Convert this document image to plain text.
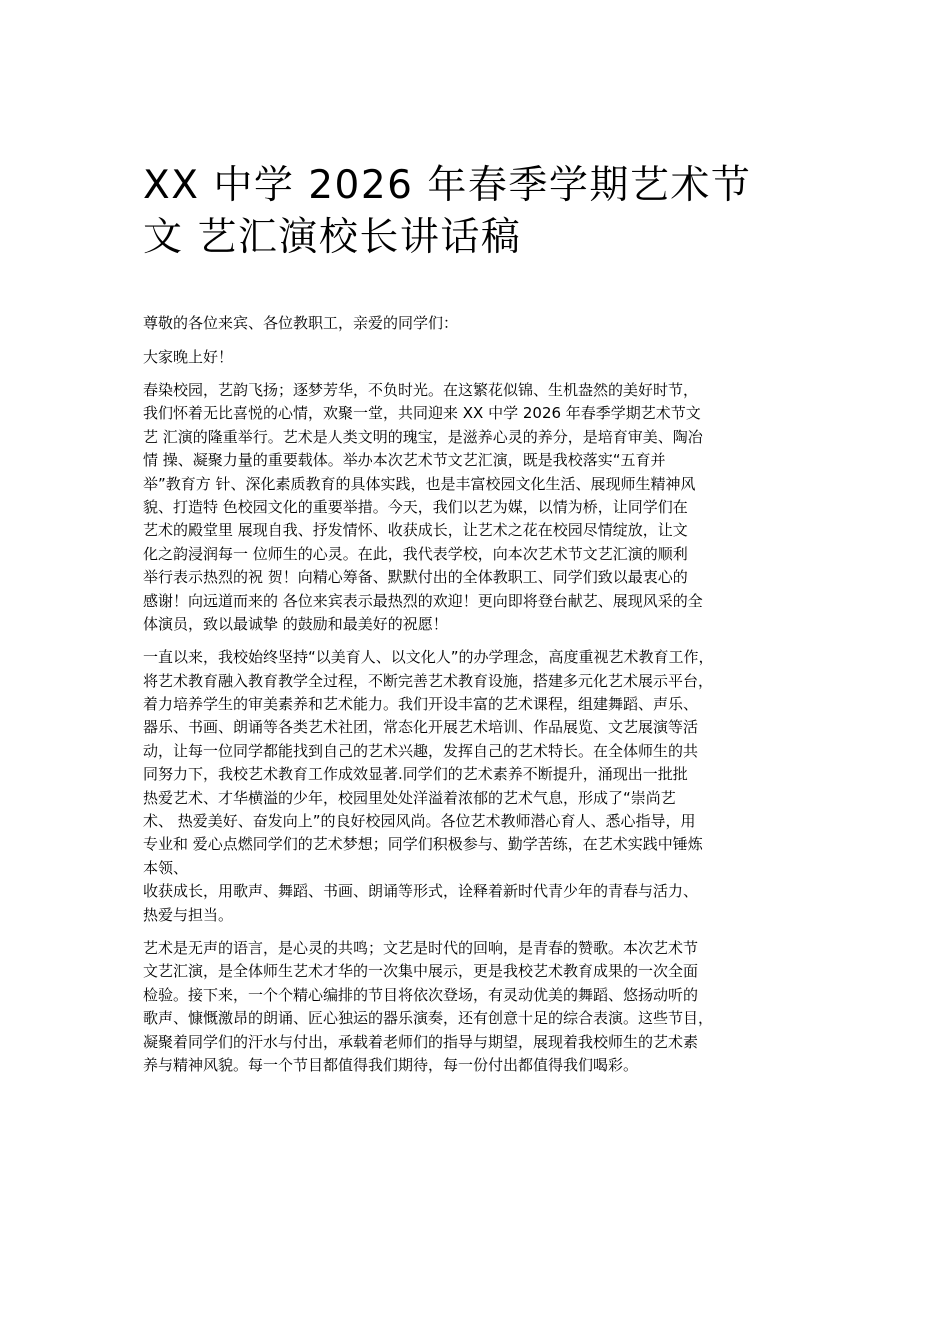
XX 中学 2026 年春季学期艺术节
文 艺汇演校长讲话稿

尊敬的各位来宾、各位教职工，亲爱的同学们：

大家晚上好！

春染校园，艺韵飞扬；逐梦芳华，不负时光。在这繁花似锦、生机盎然的美好时节，
我们怀着无比喜悦的心情，欢聚一堂，共同迎来 XX 中学 2026 年春季学期艺术节文
艺 汇演的隆重举行。艺术是人类文明的瑰宝，是滋养心灵的养分，是培育审美、陶冶
情 操、凝聚力量的重要载体。举办本次艺术节文艺汇演，既是我校落实“五育并
举”教育方 针、深化素质教育的具体实践，也是丰富校园文化生活、展现师生精神风
貌、打造特 色校园文化的重要举措。今天，我们以艺为媒，以情为桥，让同学们在
艺术的殿堂里 展现自我、抒发情怀、收获成长，让艺术之花在校园尽情绽放，让文
化之韵浸润每一 位师生的心灵。在此，我代表学校，向本次艺术节文艺汇演的顺利
举行表示热烈的祝 贺！向精心筹备、默默付出的全体教职工、同学们致以最衷心的
感谢！向远道而来的 各位来宾表示最热烈的欢迎！更向即将登台献艺、展现风采的全
体演员，致以最诚挚 的鼓励和最美好的祝愿！

一直以来，我校始终坚持“以美育人、以文化人”的办学理念，高度重视艺术教育工作，
将艺术教育融入教育教学全过程，不断完善艺术教育设施，搭建多元化艺术展示平台，
着力培养学生的审美素养和艺术能力。我们开设丰富的艺术课程，组建舞蹈、声乐、
器乐、书画、朗诵等各类艺术社团，常态化开展艺术培训、作品展览、文艺展演等活
动，让每一位同学都能找到自己的艺术兴趣，发挥自己的艺术特长。在全体师生的共
同努力下，我校艺术教育工作成效显著.同学们的艺术素养不断提升，涌现出一批批
热爱艺术、才华横溢的少年，校园里处处洋溢着浓郁的艺术气息，形成了“崇尚艺
术、 热爱美好、奋发向上”的良好校园风尚。各位艺术教师潜心育人、悉心指导，用
专业和 爱心点燃同学们的艺术梦想；同学们积极参与、勤学苦练，在艺术实践中锤炼
本领、
收获成长，用歌声、舞蹈、书画、朗诵等形式，诠释着新时代青少年的青春与活力、
热爱与担当。

艺术是无声的语言，是心灵的共鸣；文艺是时代的回响，是青春的赞歌。本次艺术节
文艺汇演，是全体师生艺术才华的一次集中展示，更是我校艺术教育成果的一次全面
检验。接下来，一个个精心编排的节目将依次登场，有灵动优美的舞蹈、悠扬动听的
歌声、慷慨激昂的朗诵、匠心独运的器乐演奏，还有创意十足的综合表演。这些节目，
凝聚着同学们的汗水与付出，承载着老师们的指导与期望，展现着我校师生的艺术素
养与精神风貌。每一个节目都值得我们期待，每一份付出都值得我们喝彩。
